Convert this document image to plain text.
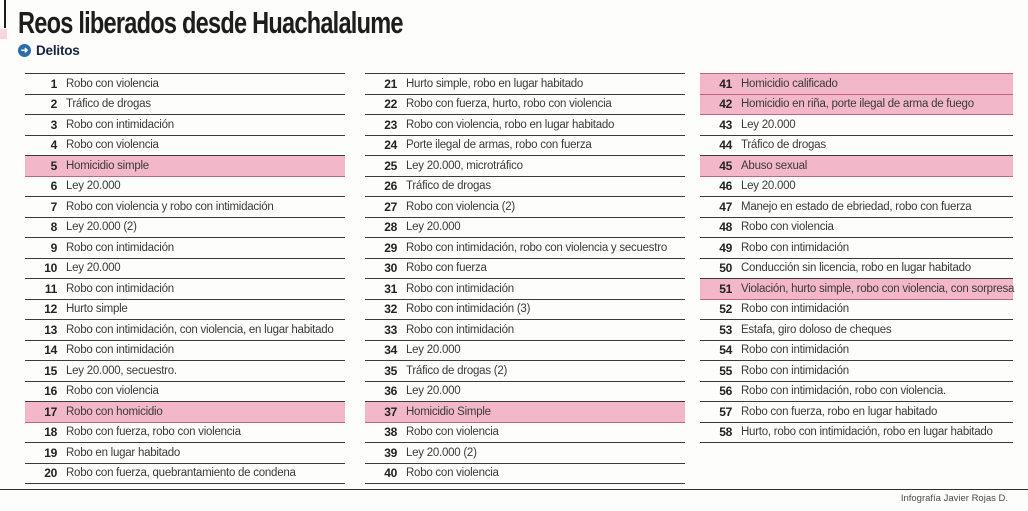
Reos liberados desde Huachalalume
➜ Delitos
1 Robo con violencia
2 Tráfico de drogas
3 Robo con intimidación
4 Robo con violencia
5 Homicidio simple
6 Ley 20.000
7 Robo con violencia y robo con intimidación
8 Ley 20.000 (2)
9 Robo con intimidación
10 Ley 20.000
11 Robo con intimidación
12 Hurto simple
13 Robo con intimidación, con violencia, en lugar habitado
14 Robo con intimidación
15 Ley 20.000, secuestro.
16 Robo con violencia
17 Robo con homicidio
18 Robo con fuerza, robo con violencia
19 Robo en lugar habitado
20 Robo con fuerza, quebrantamiento de condena
21 Hurto simple, robo en lugar habitado
22 Robo con fuerza, hurto, robo con violencia
23 Robo con violencia, robo en lugar habitado
24 Porte ilegal de armas, robo con fuerza
25 Ley 20.000, microtráfico
26 Tráfico de drogas
27 Robo con violencia (2)
28 Ley 20.000
29 Robo con intimidación, robo con violencia y secuestro
30 Robo con fuerza
31 Robo con intimidación
32 Robo con intimidación (3)
33 Robo con intimidación
34 Ley 20.000
35 Tráfico de drogas (2)
36 Ley 20.000
37 Homicidio Simple
38 Robo con violencia
39 Ley 20.000 (2)
40 Robo con violencia
41 Homicidio calificado
42 Homicidio en riña, porte ilegal de arma de fuego
43 Ley 20.000
44 Tráfico de drogas
45 Abuso sexual
46 Ley 20.000
47 Manejo en estado de ebriedad, robo con fuerza
48 Robo con violencia
49 Robo con intimidación
50 Conducción sin licencia, robo en lugar habitado
51 Violación, hurto simple, robo con violencia, con sorpresa
52 Robo con intimidación
53 Estafa, giro doloso de cheques
54 Robo con intimidación
55 Robo con intimidación
56 Robo con intimidación, robo con violencia.
57 Robo con fuerza, robo en lugar habitado
58 Hurto, robo con intimidación, robo en lugar habitado
Infografía Javier Rojas D.
